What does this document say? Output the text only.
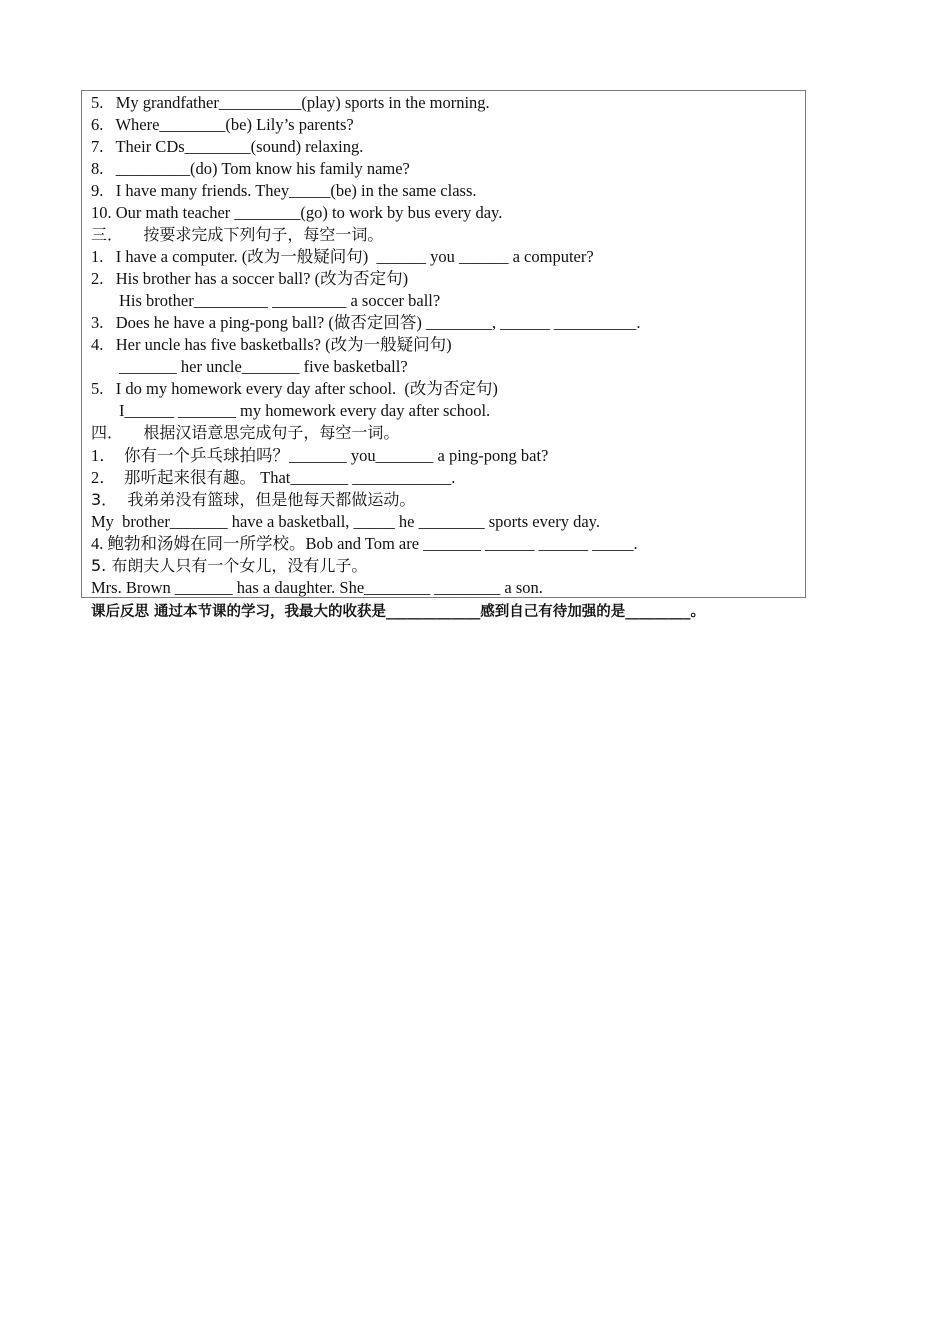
5.   My grandfather__________(play) sports in the morning.
6.   Where________(be) Lily’s parents?
7.   Their CDs________(sound) relaxing.
8.   _________(do) Tom know his family name?
9.   I have many friends. They_____(be) in the same class.
10. Our math teacher ________(go) to work by bus every day.
三．    按要求完成下列句子，每空一词。
1.   I have a computer. (改为一般疑问句)  ______ you ______ a computer?
2.   His brother has a soccer ball? (改为否定句)
His brother_________ _________ a soccer ball?
3.   Does he have a ping-pong ball? (做否定回答) ________, ______ __________.
4.   Her uncle has five basketballs? (改为一般疑问句)
_______ her uncle_______ five basketball?
5.   I do my homework every day after school.  (改为否定句)
I______ _______ my homework every day after school.
四．    根据汉语意思完成句子，每空一词。
1．  你有一个乒乓球拍吗？_______ you_______ a ping-pong bat?
2．  那听起来很有趣。 That_______ ____________.
3．  我弟弟没有篮球，但是他每天都做运动。
My  brother_______ have a basketball, _____ he ________ sports every day.
4. 鲍勃和汤姆在同一所学校。Bob and Tom are _______ ______ ______ _____.
5. 布朗夫人只有一个女儿，没有儿子。
Mrs. Brown _______ has a daughter. She________ ________ a son.
课后反思 通过本节课的学习，我最大的收获是_____________感到自己有待加强的是_________。
